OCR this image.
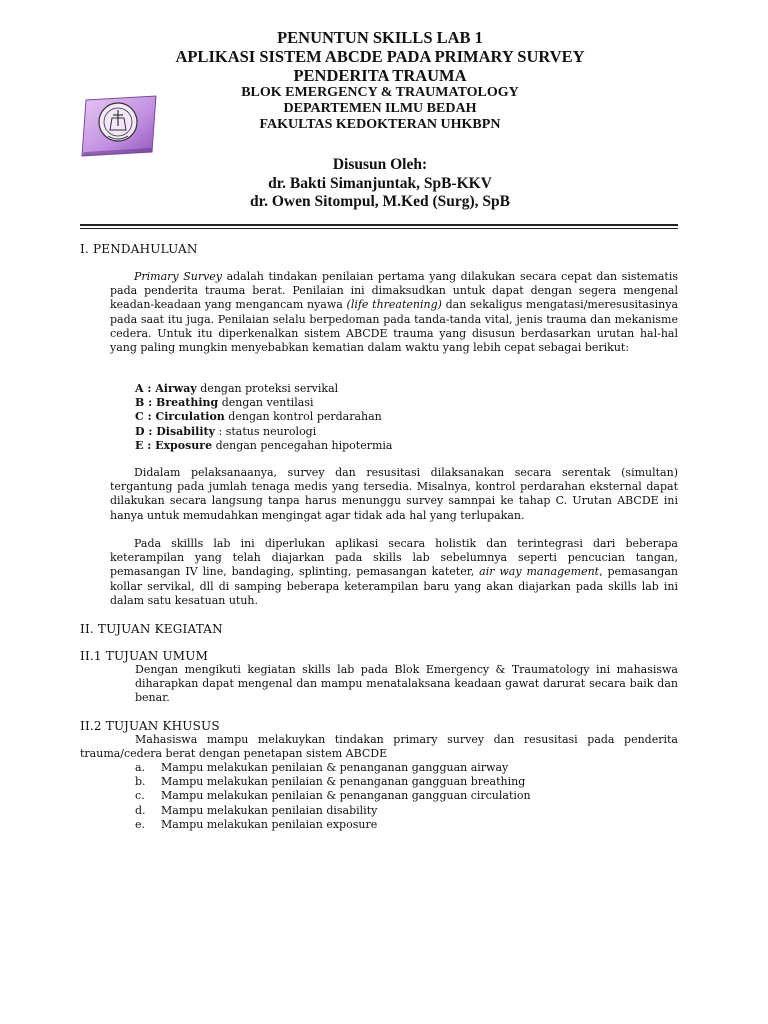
PENUNTUN SKILLS LAB 1
APLIKASI SISTEM ABCDE PADA PRIMARY SURVEY
PENDERITA TRAUMA
BLOK EMERGENCY & TRAUMATOLOGY
DEPARTEMEN ILMU BEDAH
FAKULTAS KEDOKTERAN UHKBPN
Disusun Oleh:
dr. Bakti Simanjuntak, SpB-KKV
dr. Owen Sitompul, M.Ked (Surg), SpB
I. PENDAHULUAN
Primary Survey adalah tindakan penilaian pertama yang dilakukan secara cepat dan sistematis pada penderita trauma berat. Penilaian ini dimaksudkan untuk dapat dengan segera mengenal keadan-keadaan yang mengancam nyawa (life threatening) dan sekaligus mengatasi/meresusitasinya pada saat itu juga. Penilaian selalu berpedoman pada tanda-tanda vital, jenis trauma dan mekanisme cedera. Untuk itu diperkenalkan sistem ABCDE trauma yang disusun berdasarkan urutan hal-hal yang paling mungkin menyebabkan kematian dalam waktu yang lebih cepat sebagai berikut:
A : Airway dengan proteksi servikal
B : Breathing dengan ventilasi
C : Circulation dengan kontrol perdarahan
D : Disability : status neurologi
E : Exposure dengan pencegahan hipotermia
Didalam pelaksanaanya, survey dan resusitasi dilaksanakan secara serentak (simultan) tergantung pada jumlah tenaga medis yang tersedia. Misalnya, kontrol perdarahan eksternal dapat dilakukan secara langsung tanpa harus menunggu survey samnpai ke tahap C. Urutan ABCDE ini hanya untuk memudahkan mengingat agar tidak ada hal yang terlupakan.
Pada skillls lab ini diperlukan aplikasi secara holistik dan terintegrasi dari beberapa keterampilan yang telah diajarkan pada skills lab sebelumnya seperti pencucian tangan, pemasangan IV line, bandaging, splinting, pemasangan kateter, air way management, pemasangan kollar servikal, dll di samping beberapa keterampilan baru yang akan diajarkan pada skills lab ini dalam satu kesatuan utuh.
II. TUJUAN KEGIATAN
II.1 TUJUAN UMUM
Dengan mengikuti kegiatan skills lab pada Blok Emergency & Traumatology ini mahasiswa diharapkan dapat mengenal dan mampu menatalaksana keadaan gawat darurat secara baik dan benar.
II.2 TUJUAN KHUSUS
Mahasiswa mampu melakuykan tindakan primary survey dan resusitasi pada penderita trauma/cedera berat dengan penetapan sistem ABCDE
a. Mampu melakukan penilaian & penanganan gangguan airway
b. Mampu melakukan penilaian & penanganan gangguan breathing
c. Mampu melakukan penilaian & penanganan gangguan circulation
d. Mampu melakukan penilaian disability
e. Mampu melakukan penilaian exposure
